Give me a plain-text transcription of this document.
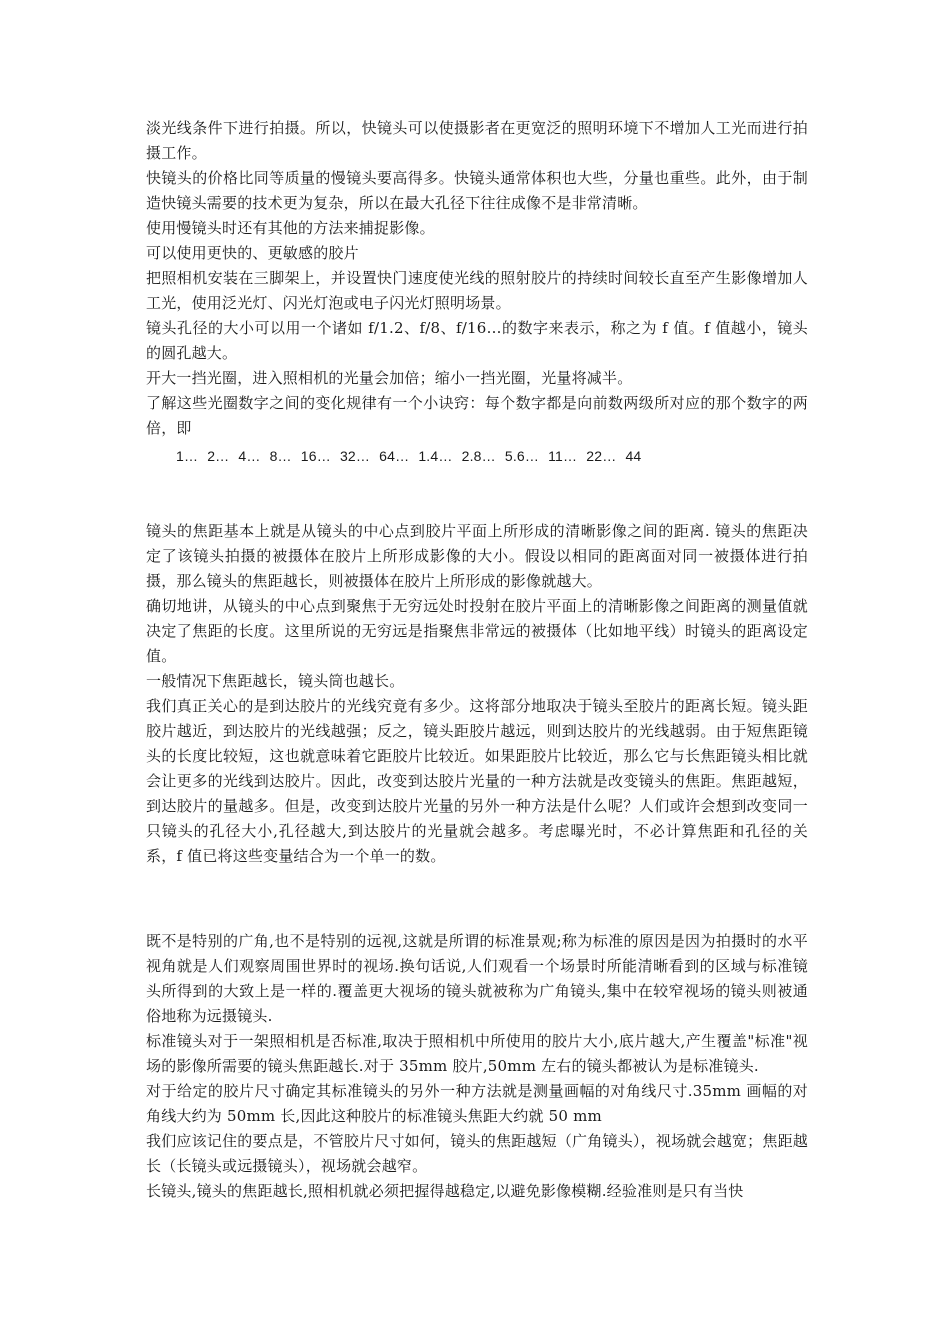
淡光线条件下进行拍摄。所以，快镜头可以使摄影者在更宽泛的照明环境下不增加人工光而进行拍摄工作。

快镜头的价格比同等质量的慢镜头要高得多。快镜头通常体积也大些，分量也重些。此外，由于制造快镜头需要的技术更为复杂，所以在最大孔径下往往成像不是非常清晰。

使用慢镜头时还有其他的方法来捕捉影像。

可以使用更快的、更敏感的胶片

把照相机安装在三脚架上，并设置快门速度使光线的照射胶片的持续时间较长直至产生影像增加人工光，使用泛光灯、闪光灯泡或电子闪光灯照明场景。

镜头孔径的大小可以用一个诸如 f/1.2、f/8、f/16…的数字来表示，称之为 f 值。f 值越小，镜头的圆孔越大。

开大一挡光圈，进入照相机的光量会加倍；缩小一挡光圈，光量将减半。

了解这些光圈数字之间的变化规律有一个小诀窍：每个数字都是向前数两级所对应的那个数字的两倍，即

1… 2… 4… 8… 16… 32… 64… 1.4… 2.8… 5.6… 11… 22… 44

镜头的焦距基本上就是从镜头的中心点到胶片平面上所形成的清晰影像之间的距离. 镜头的焦距决定了该镜头拍摄的被摄体在胶片上所形成影像的大小。假设以相同的距离面对同一被摄体进行拍摄，那么镜头的焦距越长，则被摄体在胶片上所形成的影像就越大。

确切地讲，从镜头的中心点到聚焦于无穷远处时投射在胶片平面上的清晰影像之间距离的测量值就决定了焦距的长度。这里所说的无穷远是指聚焦非常远的被摄体（比如地平线）时镜头的距离设定值。

一般情况下焦距越长，镜头筒也越长。

我们真正关心的是到达胶片的光线究竟有多少。这将部分地取决于镜头至胶片的距离长短。镜头距胶片越近，到达胶片的光线越强；反之，镜头距胶片越远，则到达胶片的光线越弱。由于短焦距镜头的长度比较短，这也就意味着它距胶片比较近。如果距胶片比较近，那么它与长焦距镜头相比就会让更多的光线到达胶片。因此，改变到达胶片光量的一种方法就是改变镜头的焦距。焦距越短，到达胶片的量越多。但是，改变到达胶片光量的另外一种方法是什么呢？人们或许会想到改变同一只镜头的孔径大小,孔径越大,到达胶片的光量就会越多。考虑曝光时，不必计算焦距和孔径的关系，f 值已将这些变量结合为一个单一的数。

既不是特别的广角,也不是特别的远视,这就是所谓的标准景观;称为标准的原因是因为拍摄时的水平视角就是人们观察周围世界时的视场.换句话说,人们观看一个场景时所能清晰看到的区域与标准镜头所得到的大致上是一样的.覆盖更大视场的镜头就被称为广角镜头,集中在较窄视场的镜头则被通俗地称为远摄镜头.

标准镜头对于一架照相机是否标准,取决于照相机中所使用的胶片大小,底片越大,产生覆盖"标准"视场的影像所需要的镜头焦距越长.对于 35mm 胶片,50mm 左右的镜头都被认为是标准镜头.

对于给定的胶片尺寸确定其标准镜头的另外一种方法就是测量画幅的对角线尺寸.35mm 画幅的对角线大约为 50mm 长,因此这种胶片的标准镜头焦距大约就 50 mm

我们应该记住的要点是，不管胶片尺寸如何，镜头的焦距越短（广角镜头），视场就会越宽；焦距越长（长镜头或远摄镜头），视场就会越窄。

长镜头,镜头的焦距越长,照相机就必须把握得越稳定,以避免影像模糊.经验准则是只有当快
